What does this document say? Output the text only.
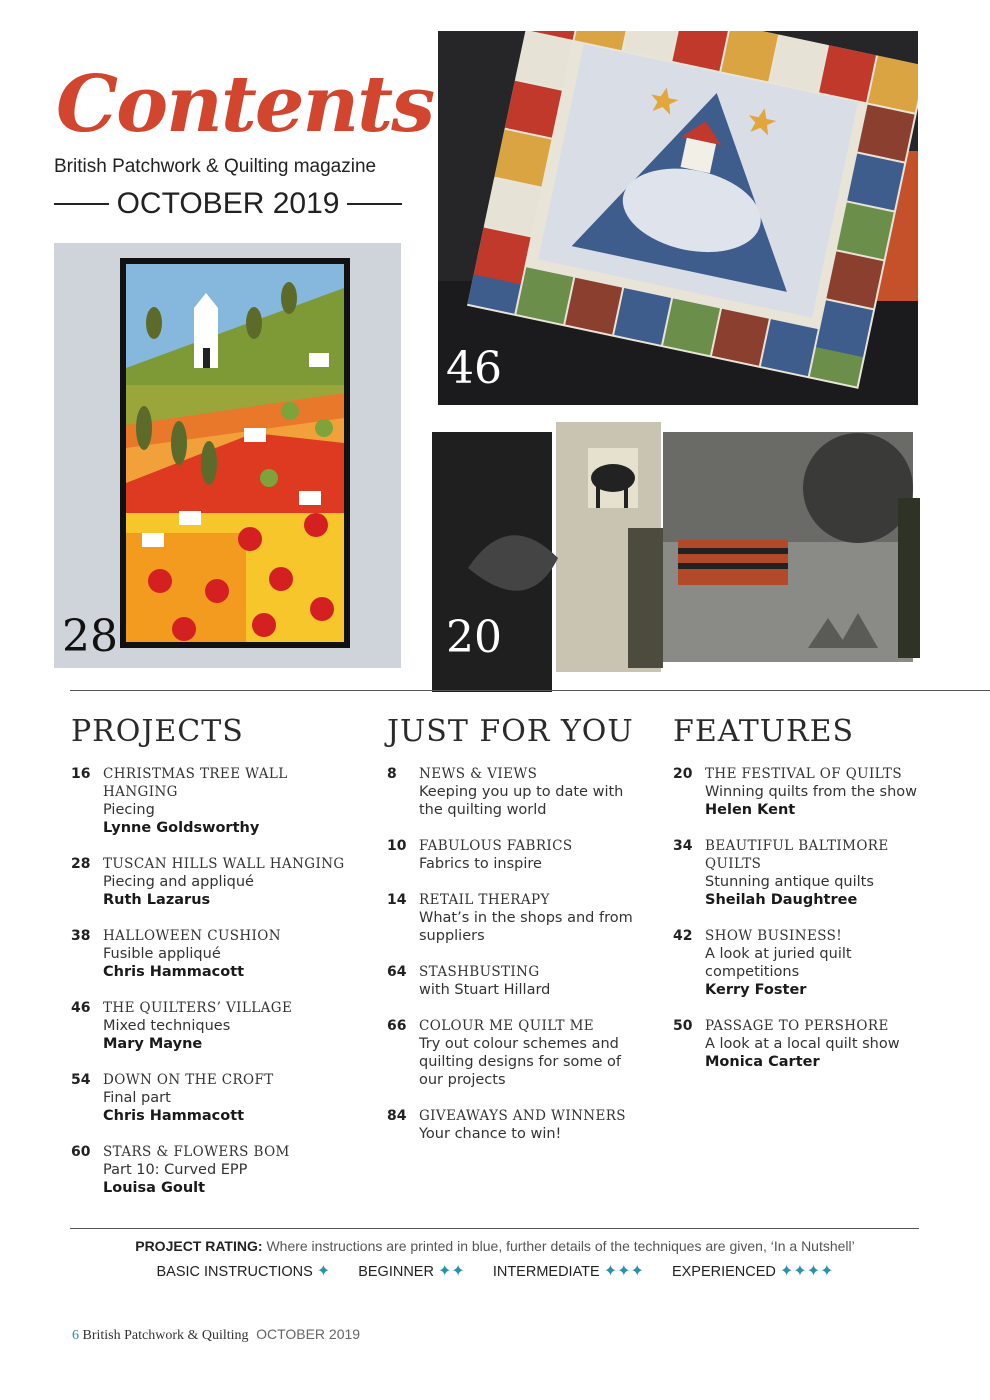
Contents
British Patchwork & Quilting magazine
OCTOBER 2019
46
28	20
PROJECTS
16 CHRISTMAS TREE WALL HANGING
Piecing
Lynne Goldsworthy
28 TUSCAN HILLS WALL HANGING
Piecing and appliqué
Ruth Lazarus
38 HALLOWEEN CUSHION
Fusible appliqué
Chris Hammacott
46 THE QUILTERS’ VILLAGE
Mixed techniques
Mary Mayne
54 DOWN ON THE CROFT
Final part
Chris Hammacott
60 STARS & FLOWERS BOM
Part 10: Curved EPP
Louisa Goult
JUST FOR YOU
8	NEWS & VIEWS
Keeping you up to date with the quilting world
10 FABULOUS FABRICS
Fabrics to inspire
14 RETAIL THERAPY
What’s in the shops and from suppliers
64 STASHBUSTING
with Stuart Hillard
66 COLOUR ME QUILT ME
Try out colour schemes and quilting designs for some of our projects
84 GIVEAWAYS AND WINNERS
Your chance to win!
FEATURES
20 THE FESTIVAL OF QUILTS
Winning quilts from the show
Helen Kent
34 BEAUTIFUL BALTIMORE QUILTS
Stunning antique quilts
Sheilah Daughtree
42 SHOW BUSINESS!
A look at juried quilt competitions
Kerry Foster
50 PASSAGE TO PERSHORE
A look at a local quilt show
Monica Carter
PROJECT RATING: Where instructions are printed in blue, further details of the techniques are given, ‘In a Nutshell’
BASIC INSTRUCTIONS ✦ BEGINNER ✦✦ INTERMEDIATE ✦✦✦ EXPERIENCED ✦✦✦✦
6 British Patchwork & Quilting OCTOBER 2019
